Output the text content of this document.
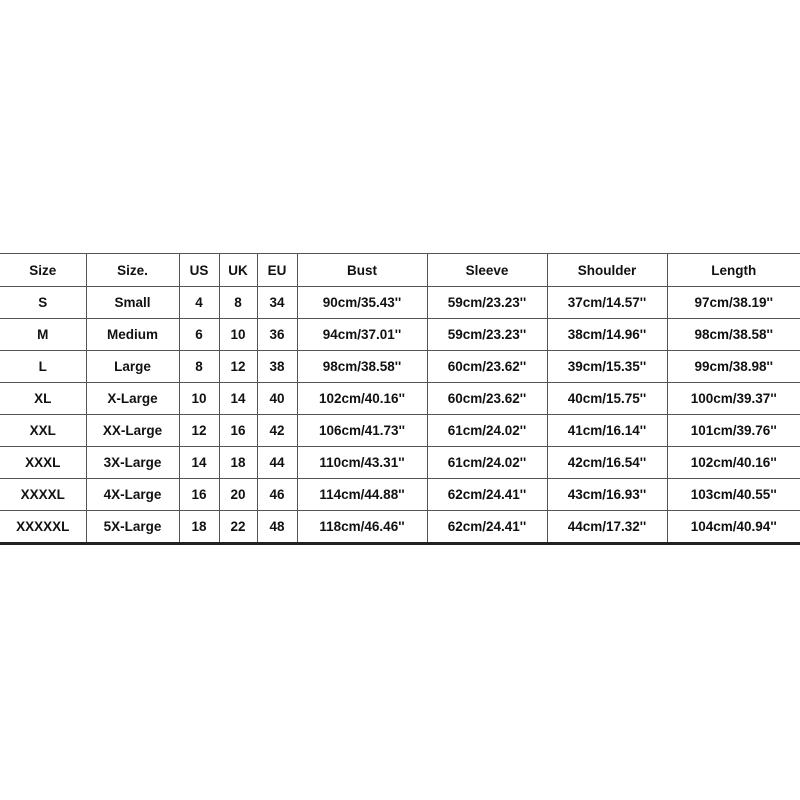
Size	Size.	US	UK	EU	Bust	Sleeve	Shoulder	Length
S	Small	4	8	34	90cm/35.43''	59cm/23.23''	37cm/14.57''	97cm/38.19''
M	Medium	6	10	36	94cm/37.01''	59cm/23.23''	38cm/14.96''	98cm/38.58''
L	Large	8	12	38	98cm/38.58''	60cm/23.62''	39cm/15.35''	99cm/38.98''
XL	X-Large	10	14	40	102cm/40.16''	60cm/23.62''	40cm/15.75''	100cm/39.37''
XXL	XX-Large	12	16	42	106cm/41.73''	61cm/24.02''	41cm/16.14''	101cm/39.76''
XXXL	3X-Large	14	18	44	110cm/43.31''	61cm/24.02''	42cm/16.54''	102cm/40.16''
XXXXL	4X-Large	16	20	46	114cm/44.88''	62cm/24.41''	43cm/16.93''	103cm/40.55''
XXXXXL	5X-Large	18	22	48	118cm/46.46''	62cm/24.41''	44cm/17.32''	104cm/40.94''
